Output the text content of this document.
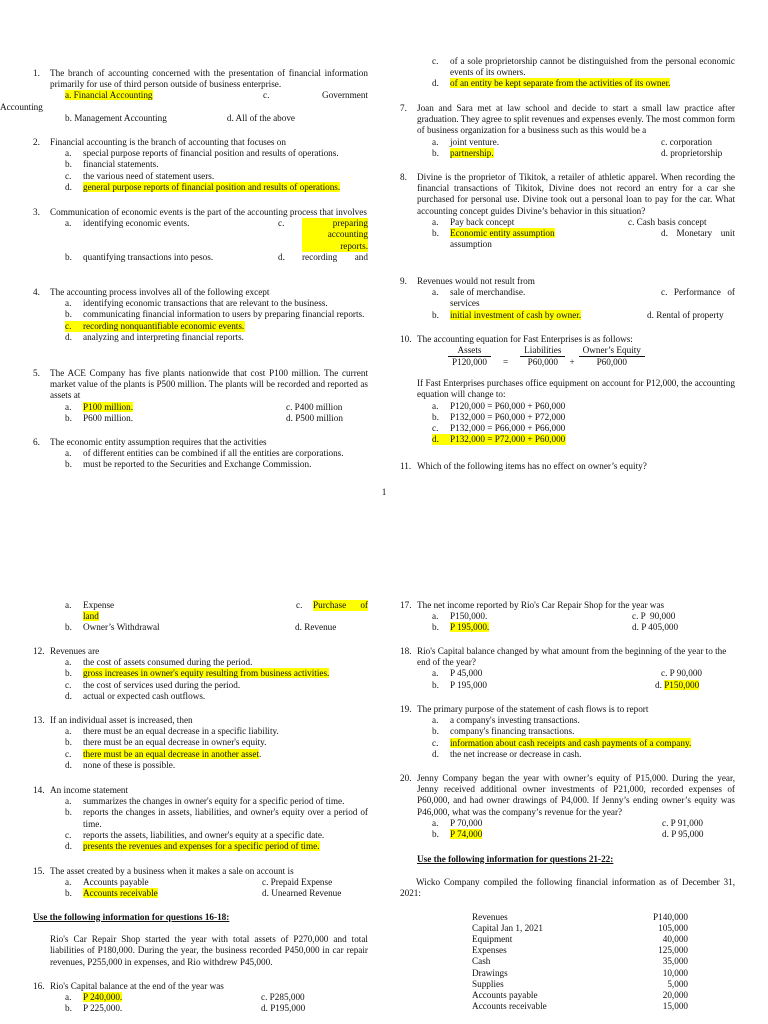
1. The branch of accounting concerned with the presentation of financial information primarily for use of third person outside of business enterprise.
a. Financial Accounting	c. Government
Accounting
b. Management Accounting	d. All of the above
2. Financial accounting is the branch of accounting that focuses on
a. special purpose reports of financial position and results of operations.
b. financial statements.
c. the various need of statement users.
d. general purpose reports of financial position and results of operations.
3. Communication of economic events is the part of the accounting process that involves
a. identifying economic events.	c.	preparing accounting reports.
b. quantifying transactions into pesos.	d.	recording   and
4. The accounting process involves all of the following except
a. identifying economic transactions that are relevant to the business.
b. communicating financial information to users by preparing financial reports.
c. recording nonquantifiable economic events.
d. analyzing and interpreting financial reports.
5. The ACE Company has five plants nationwide that cost P100 million. The current market value of the plants is P500 million. The plants will be recorded and reported as assets at
a. P100 million.	c. P400 million
b. P600 million.	d. P500 million
6. The economic entity assumption requires that the activities
a. of different entities can be combined if all the entities are corporations.
b. must be reported to the Securities and Exchange Commission.
c. of a sole proprietorship cannot be distinguished from the personal economic events of its owners.
d. of an entity be kept separate from the activities of its owner.
7. Joan and Sara met at law school and decide to start a small law practice after graduation. They agree to split revenues and expenses evenly. The most common form of business organization for a business such as this would be a
a. joint venture.	c. corporation
b. partnership.	d. proprietorship
8. Divine is the proprietor of Tikitok, a retailer of athletic apparel. When recording the financial transactions of Tikitok, Divine does not record an entry for a car she purchased for personal use. Divine took out a personal loan to pay for the car. What accounting concept guides Divine’s behavior in this situation?
a. Pay back concept	c. Cash basis concept
b. Economic entity assumption	d. Monetary unit
assumption
9. Revenues would not result from
a. sale of merchandise.	c. Performance of
services
b. initial investment of cash by owner.	d. Rental of property
10. The accounting equation for Fast Enterprises is as follows:
Assets		Liabilities		Owner’s Equity
P120,000	=	P60,000	+	P60,000
If Fast Enterprises purchases office equipment on account for P12,000, the accounting equation will change to:
a. P120,000 = P60,000 + P60,000
b. P132,000 = P60,000 + P72,000
c. P132,000 = P66,000 + P66,000
d. P132,000 = P72,000 + P60,000
11. Which of the following items has no effect on owner’s equity?
1
a. Expense	c.	Purchase   of
land
b. Owner’s Withdrawal	d. Revenue
12. Revenues are
a. the cost of assets consumed during the period.
b. gross increases in owner's equity resulting from business activities.
c. the cost of services used during the period.
d. actual or expected cash outflows.
13. If an individual asset is increased, then
a. there must be an equal decrease in a specific liability.
b. there must be an equal decrease in owner's equity.
c. there must be an equal decrease in another asset.
d. none of these is possible.
14. An income statement
a. summarizes the changes in owner's equity for a specific period of time.
b. reports the changes in assets, liabilities, and owner's equity over a period of time.
c. reports the assets, liabilities, and owner's equity at a specific date.
d. presents the revenues and expenses for a specific period of time.
15. The asset created by a business when it makes a sale on account is
a. Accounts payable	c. Prepaid Expense
b. Accounts receivable	d. Unearned Revenue
Use the following information for questions 16-18:
Rio's Car Repair Shop started the year with total assets of P270,000 and total liabilities of P180,000. During the year, the business recorded P450,000 in car repair revenues, P255,000 in expenses, and Rio withdrew P45,000.
16. Rio's Capital balance at the end of the year was
a. P 240,000.	c. P285,000
b. P 225,000.	d. P195,000
17. The net income reported by Rio's Car Repair Shop for the year was
a. P150,000.	c. P  90,000
b. P 195,000.	d. P 405,000
18. Rio's Capital balance changed by what amount from the beginning of the year to the end of the year?
a. P 45,000	c. P 90,000
b. P 195,000	d. P150,000
19. The primary purpose of the statement of cash flows is to report
a. a company's investing transactions.
b. company's financing transactions.
c. information about cash receipts and cash payments of a company.
d. the net increase or decrease in cash.
20. Jenny Company began the year with owner’s equity of P15,000. During the year, Jenny received additional owner investments of P21,000, recorded expenses of P60,000, and had owner drawings of P4,000. If Jenny’s ending owner’s equity was P46,000, what was the company’s revenue for the year?
a. P 70,000	c. P 91,000
b. P 74,000	d. P 95,000
Use the following information for questions 21-22:
Wicko Company compiled the following financial information as of December 31, 2021:
Revenues	P140,000
Capital Jan 1, 2021	105,000
Equipment	40,000
Expenses	125,000
Cash	35,000
Drawings	10,000
Supplies	5,000
Accounts payable	20,000
Accounts receivable	15,000
